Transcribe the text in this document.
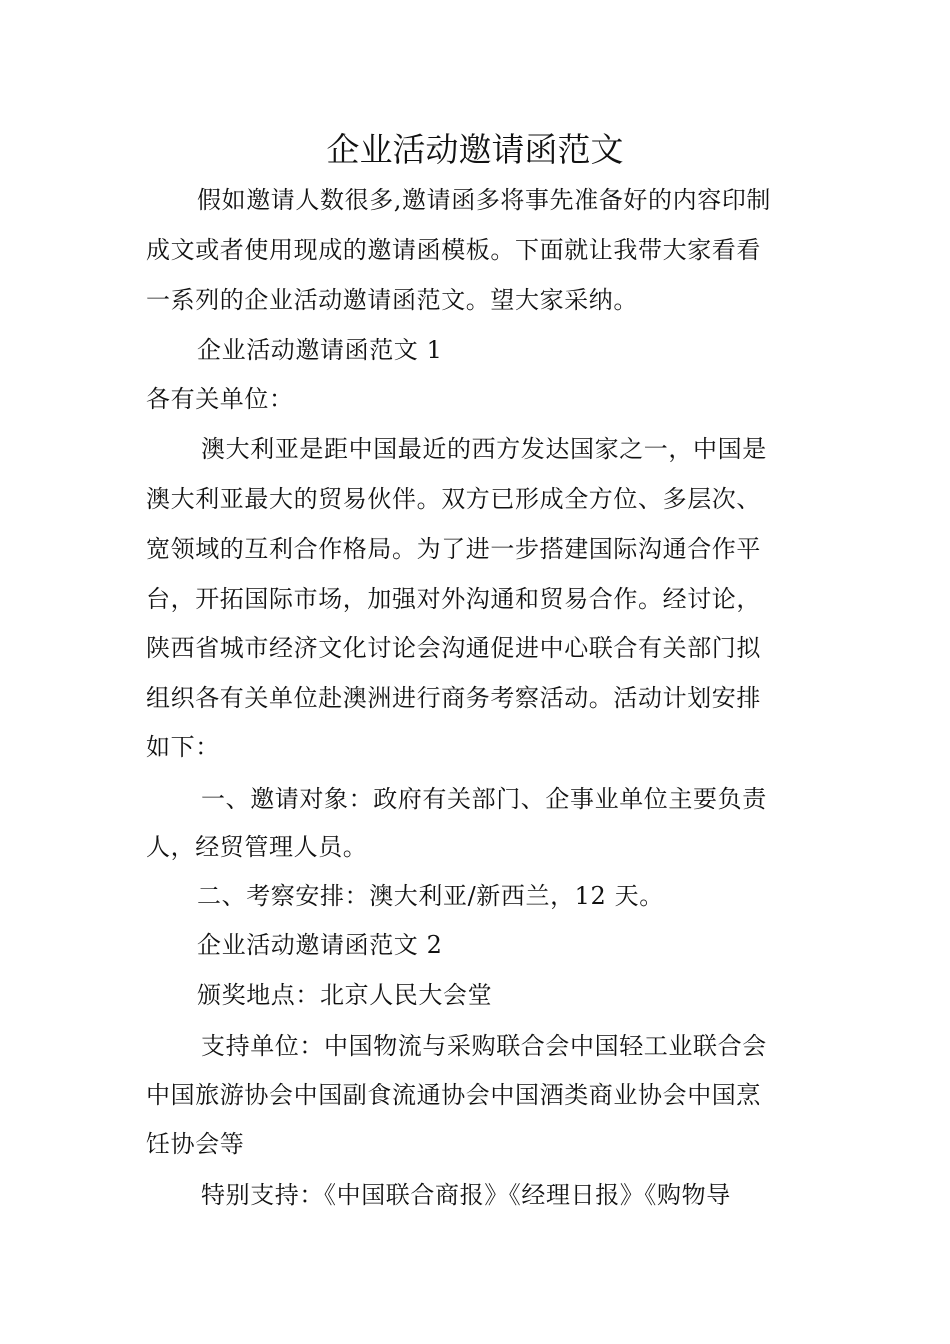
企业活动邀请函范文

假如邀请人数很多,邀请函多将事先准备好的内容印制

成文或者使用现成的邀请函模板。下面就让我带大家看看

一系列的企业活动邀请函范文。望大家采纳。

企业活动邀请函范文 1

各有关单位：

澳大利亚是距中国最近的西方发达国家之一，中国是

澳大利亚最大的贸易伙伴。双方已形成全方位、多层次、

宽领域的互利合作格局。为了进一步搭建国际沟通合作平

台，开拓国际市场，加强对外沟通和贸易合作。经讨论，

陕西省城市经济文化讨论会沟通促进中心联合有关部门拟

组织各有关单位赴澳洲进行商务考察活动。活动计划安排

如下：

一、邀请对象：政府有关部门、企事业单位主要负责

人，经贸管理人员。

二、考察安排：澳大利亚/新西兰，12 天。

企业活动邀请函范文 2

颁奖地点：北京人民大会堂

支持单位：中国物流与采购联合会中国轻工业联合会

中国旅游协会中国副食流通协会中国酒类商业协会中国烹

饪协会等

特别支持：《中国联合商报》《经理日报》《购物导
